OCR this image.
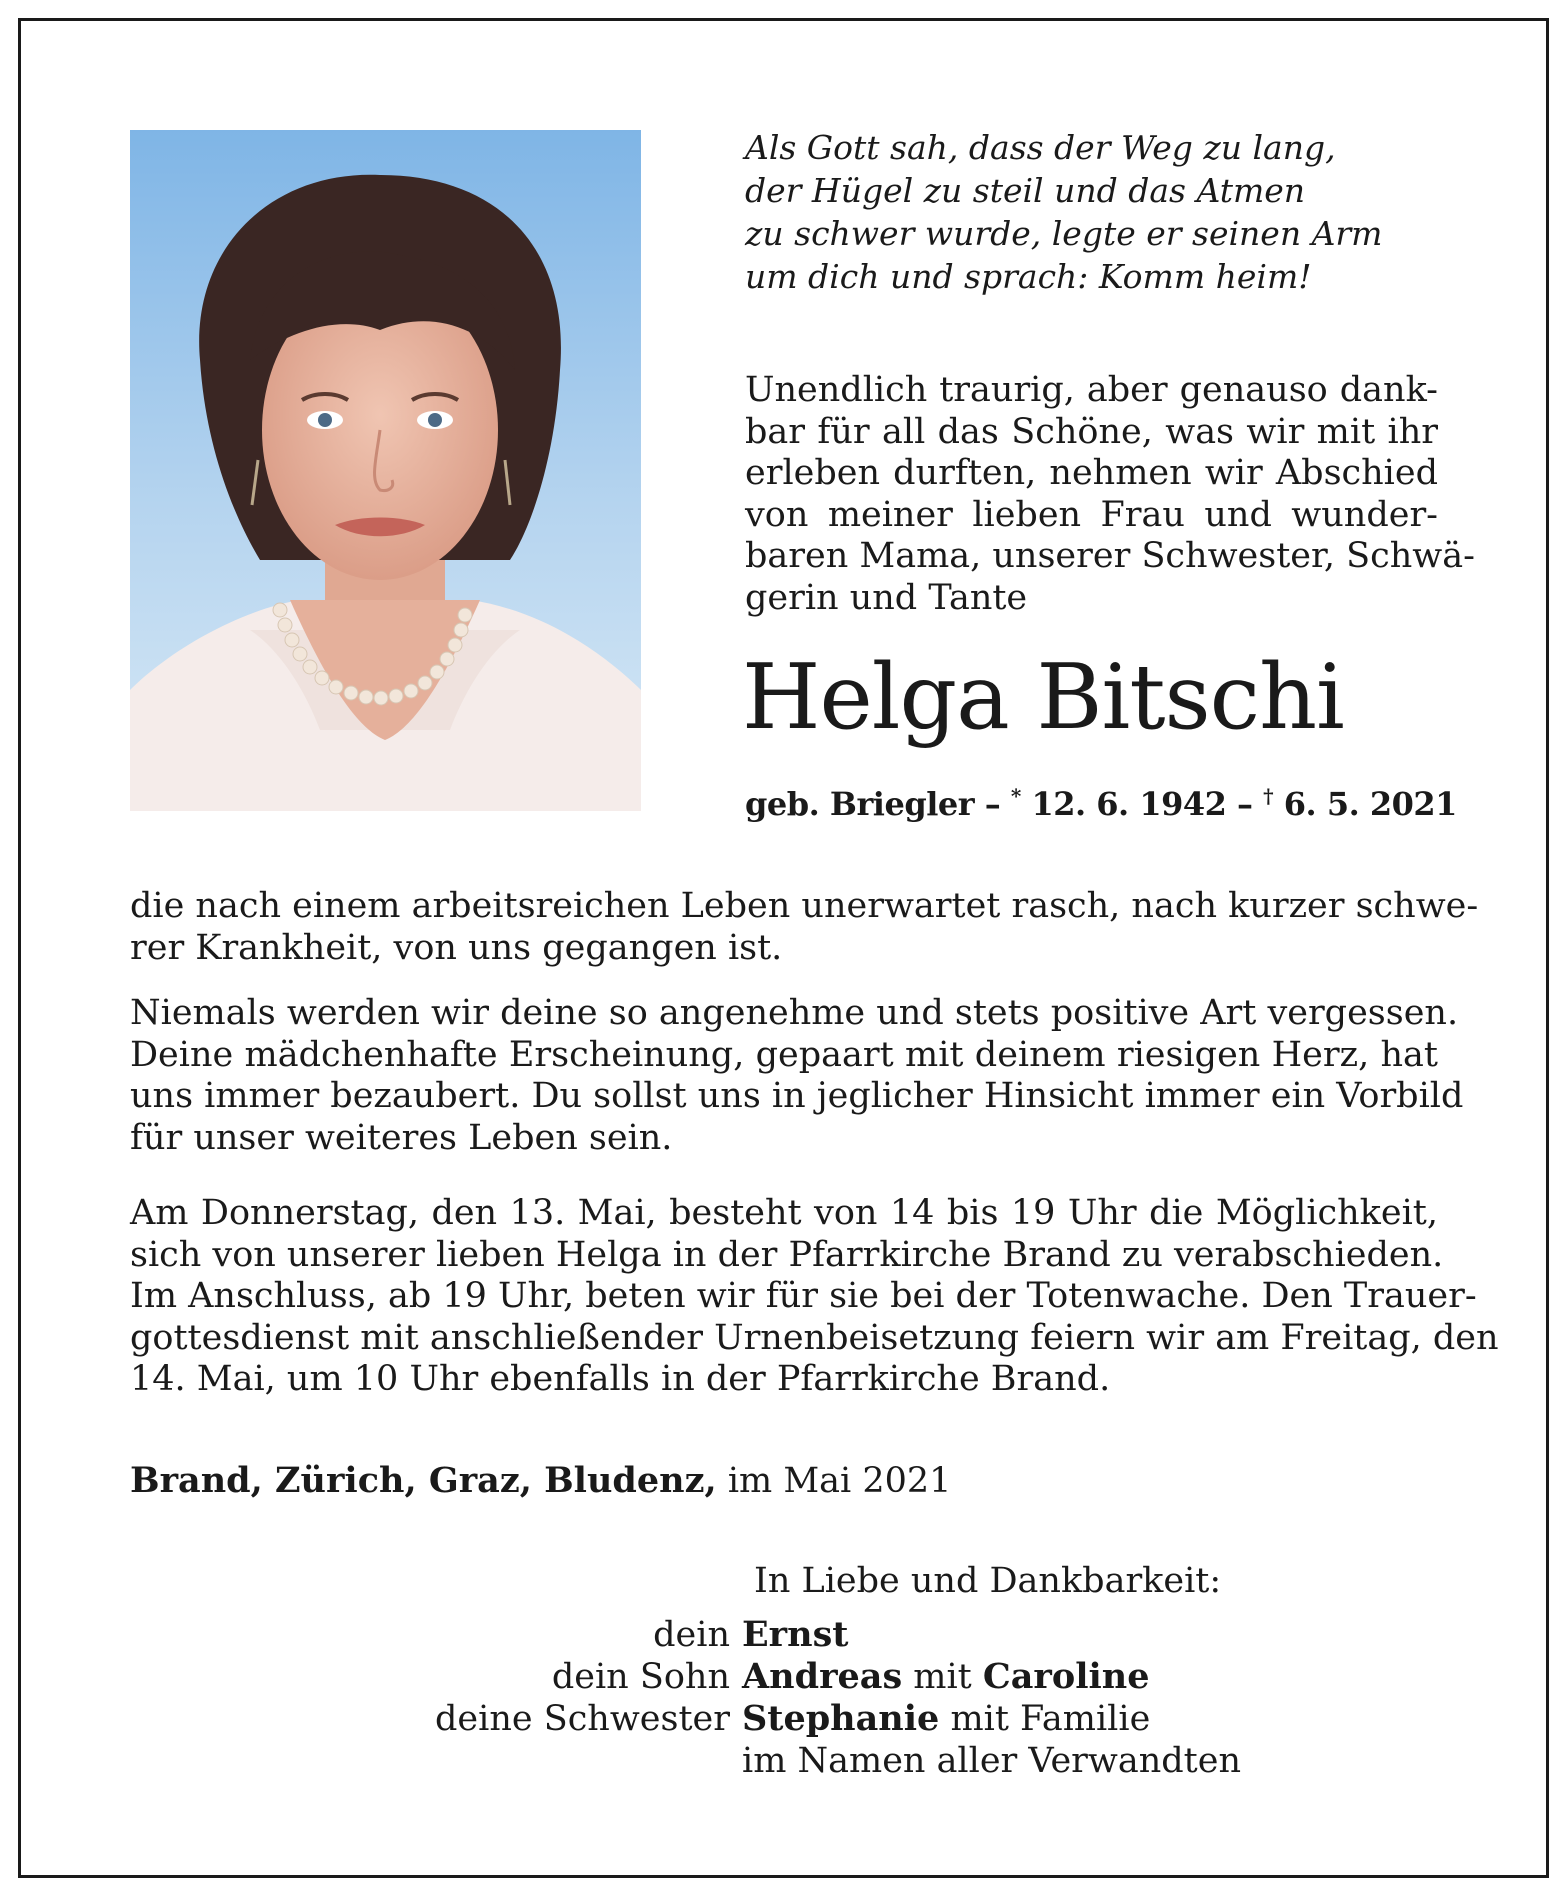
Als Gott sah, dass der Weg zu lang,
der Hügel zu steil und das Atmen
zu schwer wurde, legte er seinen Arm
um dich und sprach: Komm heim!
Unendlich traurig, aber genauso dank-
bar für all das Schöne, was wir mit ihr
erleben durften, nehmen wir Abschied
von meiner lieben Frau und wunder-
baren Mama, unserer Schwester, Schwä-
gerin und Tante
Helga Bitschi
geb. Briegler – * 12. 6. 1942 – † 6. 5. 2021
die nach einem arbeitsreichen Leben unerwartet rasch, nach kurzer schwe-
rer Krankheit, von uns gegangen ist.
Niemals werden wir deine so angenehme und stets positive Art vergessen.
Deine mädchenhafte Erscheinung, gepaart mit deinem riesigen Herz, hat
uns immer bezaubert. Du sollst uns in jeglicher Hinsicht immer ein Vorbild
für unser weiteres Leben sein.
Am Donnerstag, den 13. Mai, besteht von 14 bis 19 Uhr die Möglichkeit,
sich von unserer lieben Helga in der Pfarrkirche Brand zu verabschieden.
Im Anschluss, ab 19 Uhr, beten wir für sie bei der Totenwache. Den Trauer-
gottesdienst mit anschließender Urnenbeisetzung feiern wir am Freitag, den
14. Mai, um 10 Uhr ebenfalls in der Pfarrkirche Brand.
Brand, Zürich, Graz, Bludenz, im Mai 2021
In Liebe und Dankbarkeit:
dein Ernst
dein Sohn Andreas mit Caroline
deine Schwester Stephanie mit Familie
im Namen aller Verwandten
